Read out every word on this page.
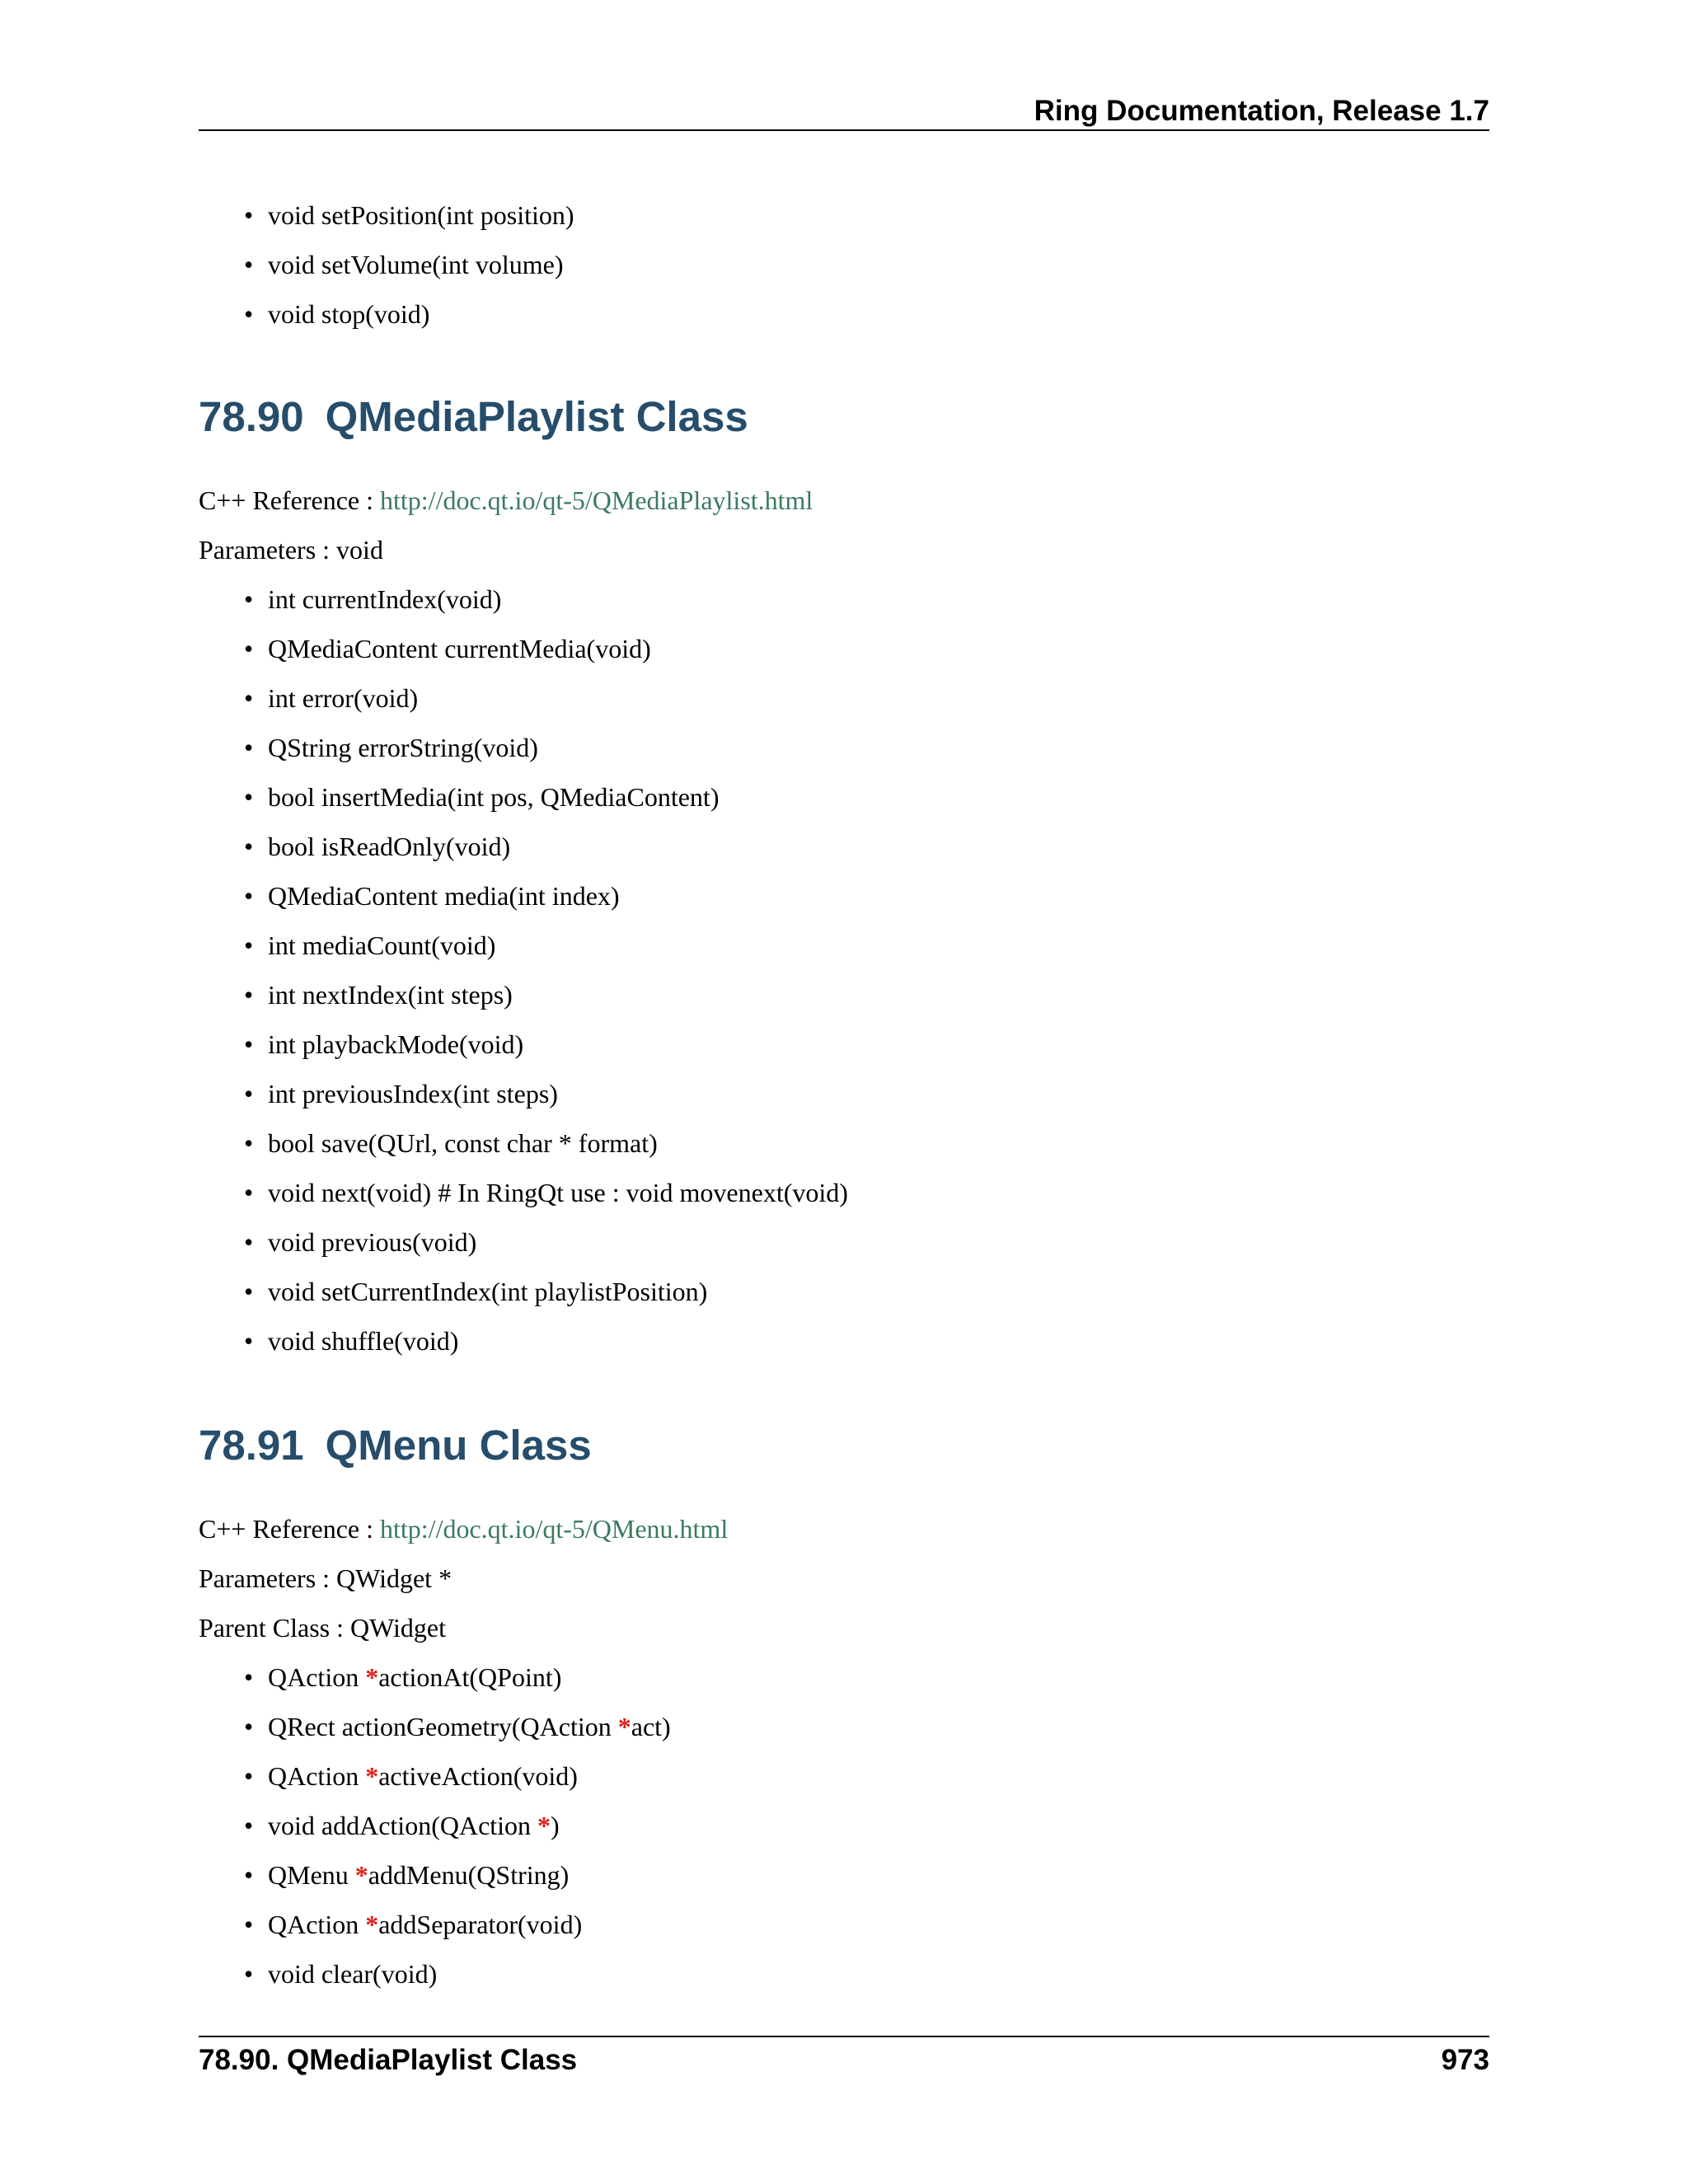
Ring Documentation, Release 1.7
• void setPosition(int position)
• void setVolume(int volume)
• void stop(void)
78.90 QMediaPlaylist Class
C++ Reference : http://doc.qt.io/qt-5/QMediaPlaylist.html
Parameters : void
• int currentIndex(void)
• QMediaContent currentMedia(void)
• int error(void)
• QString errorString(void)
• bool insertMedia(int pos, QMediaContent)
• bool isReadOnly(void)
• QMediaContent media(int index)
• int mediaCount(void)
• int nextIndex(int steps)
• int playbackMode(void)
• int previousIndex(int steps)
• bool save(QUrl, const char * format)
• void next(void) # In RingQt use : void movenext(void)
• void previous(void)
• void setCurrentIndex(int playlistPosition)
• void shuffle(void)
78.91 QMenu Class
C++ Reference : http://doc.qt.io/qt-5/QMenu.html
Parameters : QWidget *
Parent Class : QWidget
• QAction *actionAt(QPoint)
• QRect actionGeometry(QAction *act)
• QAction *activeAction(void)
• void addAction(QAction *)
• QMenu *addMenu(QString)
• QAction *addSeparator(void)
• void clear(void)
78.90. QMediaPlaylist Class	973
